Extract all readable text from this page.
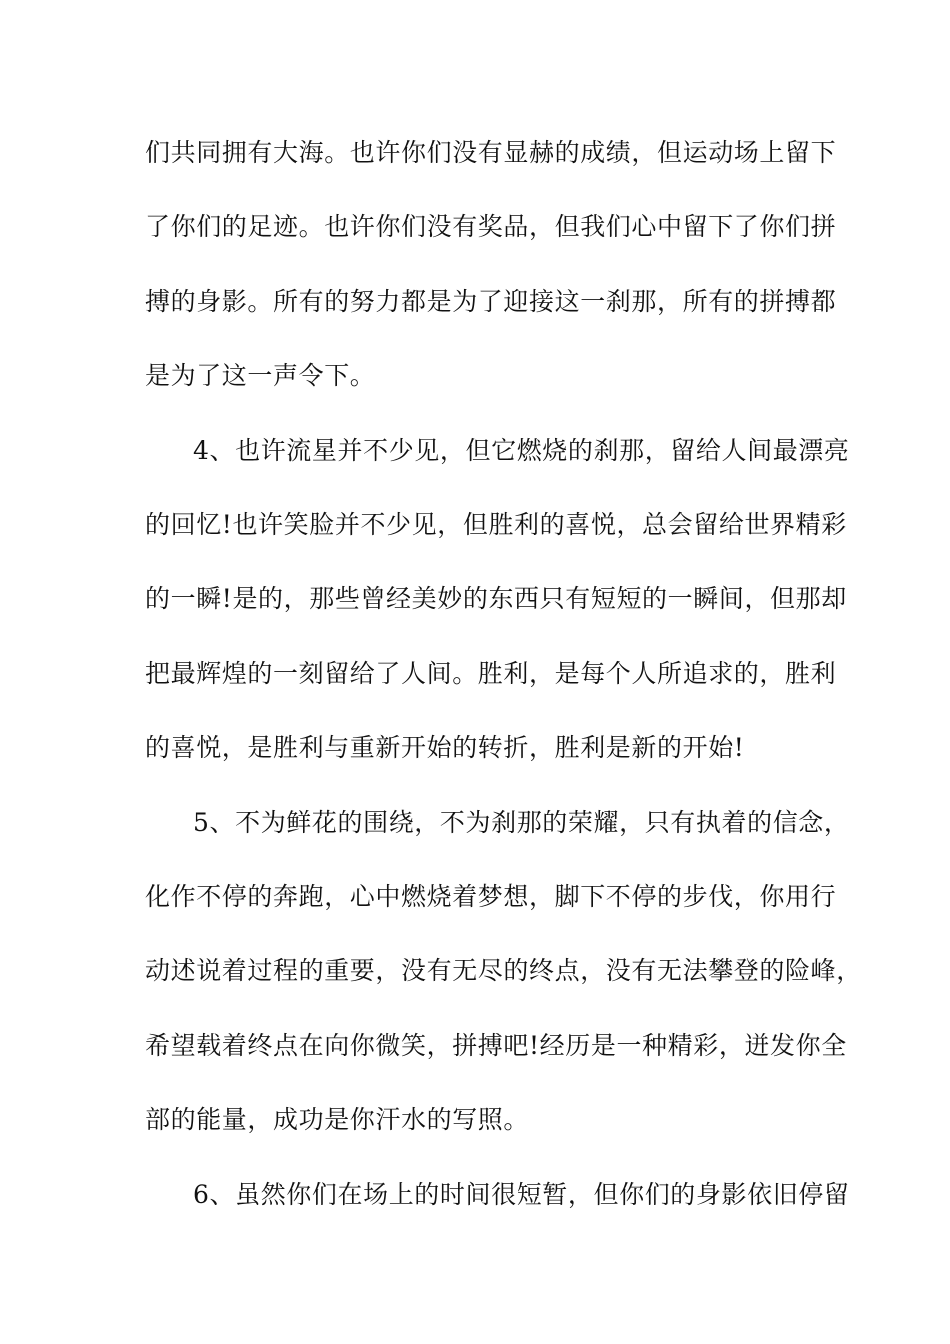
们共同拥有大海。也许你们没有显赫的成绩，但运动场上留下
了你们的足迹。也许你们没有奖品，但我们心中留下了你们拼
搏的身影。所有的努力都是为了迎接这一刹那，所有的拼搏都
是为了这一声令下。
4、也许流星并不少见，但它燃烧的刹那，留给人间最漂亮
的回忆!也许笑脸并不少见，但胜利的喜悦，总会留给世界精彩
的一瞬!是的，那些曾经美妙的东西只有短短的一瞬间，但那却
把最辉煌的一刻留给了人间。胜利，是每个人所追求的，胜利
的喜悦，是胜利与重新开始的转折，胜利是新的开始!
5、不为鲜花的围绕，不为刹那的荣耀，只有执着的信念，
化作不停的奔跑，心中燃烧着梦想，脚下不停的步伐，你用行
动述说着过程的重要，没有无尽的终点，没有无法攀登的险峰，
希望载着终点在向你微笑，拼搏吧!经历是一种精彩，迸发你全
部的能量，成功是你汗水的写照。
6、虽然你们在场上的时间很短暂，但你们的身影依旧停留
